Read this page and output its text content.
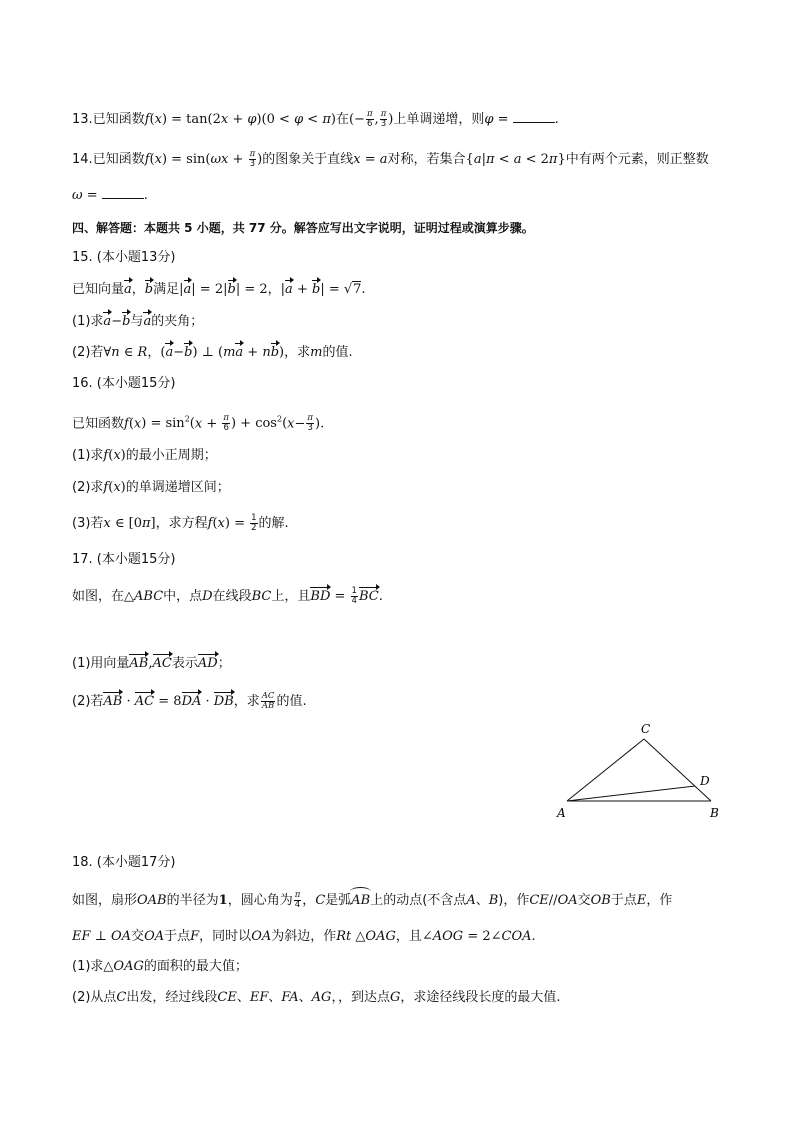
13.已知函数f(x) = tan(2x + φ)(0 < φ < π)在(− $\frac{\pi}{6}$ , $\frac{\pi}{3}$ )上单调递增，则φ =	.
14.已知函数$f(x) = \sin(\omega x + \frac{\pi}{3}$ )的图象关于直线x = a对称，若集合{a|π < a < 2π}中有两个元素，则正整数
ω =	.
四、解答题：本题共 5 小题，共 77 分。解答应写出文字说明，证明过程或演算步骤。
15. (本小题13分)
已知向量a，b满足|a| = 2|b| = 2，|a + b| = √7.
(1)求a−b与a的夹角；
(2)若∀n ∈ R，(a−b) ⊥ (ma + nb)，求m的值.
16. (本小题15分)
已知函数$f(x) = \sin^2(x + \frac{\pi}{6}$ ) + $\cos^2(x- \frac{\pi}{3}$ ).
(1)求f(x)的最小正周期；
(2)求f(x)的单调递增区间；
(3)若x ∈ [0π]，求方程$f(x) = \frac{1}{2}$ 的解.
17. (本小题15分)
如图，在△ABC中，点D在线段BC上，且BD = $\frac{1}{4}$ BC.
(1)用向量AB,AC表示AD；
(2)若AB · AC = 8DA · DB，求 $\frac{AC}{AB}$ 的值.
A	B
C
D
18. (本小题17分)
如图，扇形OAB的半径为1，圆心角为 $\frac{\pi}{4}$ ，C是弧AB上的动点(不含点A、B)，作CE//OA交OB于点E，作
EF ⊥ OA交OA于点F，同时以OA为斜边，作Rt △OAG，且∠AOG = 2∠COA.
(1)求△OAG的面积的最大值；
(2)从点C出发，经过线段CE、EF、FA、AG，，到达点G，求途径线段长度的最大值.
